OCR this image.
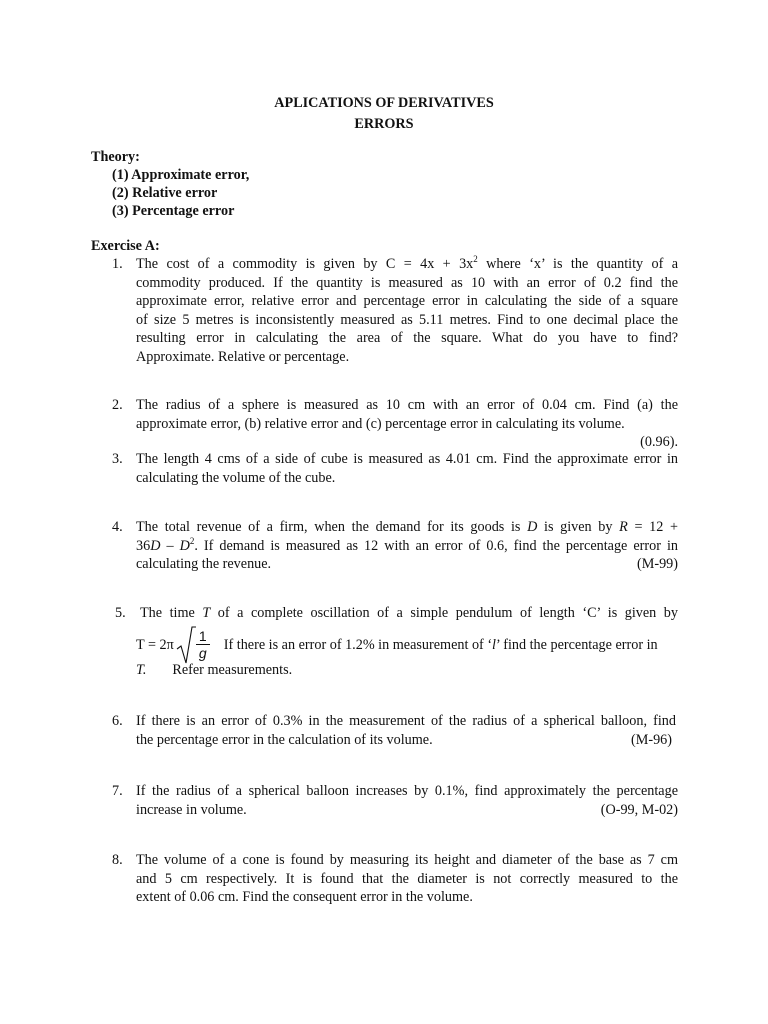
APLICATIONS OF DERIVATIVES
ERRORS
Theory:
(1) Approximate error,
(2) Relative error
(3) Percentage error
Exercise A:
1. The cost of a commodity is given by $C = 4x + 3x^2$ where ‘x’ is the quantity of a
commodity produced. If the quantity is measured as 10 with an error of 0.2 find the
approximate error, relative error and percentage error in calculating the side of a square
of size 5 metres is inconsistently measured as 5.11 metres. Find to one decimal place the
resulting error in calculating the area of the square. What do you have to find?
Approximate. Relative or percentage.
2. The radius of a sphere is measured as 10 cm with an error of 0.04 cm. Find (a) the
approximate error, (b) relative error and (c) percentage error in calculating its volume.
(0.96).
3. The length 4 cms of a side of cube is measured as 4.01 cm. Find the approximate error in
calculating the volume of the cube.
4. The total revenue of a firm, when the demand for its goods is D is given by R = 12 +
$36D - D^2$. If demand is measured as 12 with an error of 0.6, find the percentage error in
calculating the revenue.	(M-99)
5.	The time T of a complete oscillation of a simple pendulum of length ‘C’ is given by
$T = 2\pi \frac{1}{g}$ If there is an error of 1.2% in measurement of ‘l’ find the percentage error in
T. Refer measurements.
6. If there is an error of 0.3% in the measurement of the radius of a spherical balloon, find
the percentage error in the calculation of its volume.	(M-96)
7. If the radius of a spherical balloon increases by 0.1%, find approximately the percentage
increase in volume.	(O-99, M-02)
8. The volume of a cone is found by measuring its height and diameter of the base as 7 cm
and 5 cm respectively. It is found that the diameter is not correctly measured to the
extent of 0.06 cm. Find the consequent error in the volume.
